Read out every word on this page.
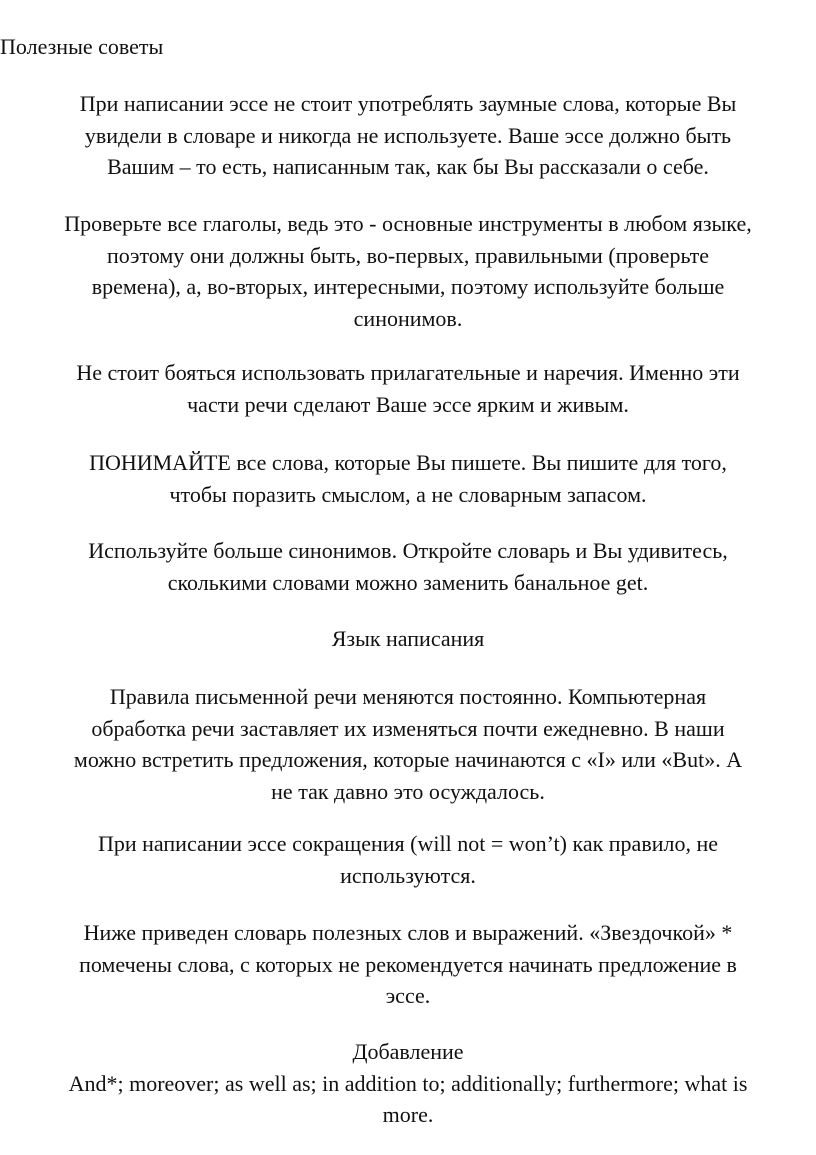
Полезные советы

При написании эссе не стоит употреблять заумные слова, которые Вы
увидели в словаре и никогда не используете. Ваше эссе должно быть
Вашим – то есть, написанным так, как бы Вы рассказали о себе.

Проверьте все глаголы, ведь это - основные инструменты в любом языке,
поэтому они должны быть, во-первых, правильными (проверьте
времена), а, во-вторых, интересными, поэтому используйте больше
синонимов.

Не стоит бояться использовать прилагательные и наречия. Именно эти
части речи сделают Ваше эссе ярким и живым.

ПОНИМАЙТЕ все слова, которые Вы пишете. Вы пишите для того,
чтобы поразить смыслом, а не словарным запасом.

Используйте больше синонимов. Откройте словарь и Вы удивитесь,
сколькими словами можно заменить банальное get.

Язык написания

Правила письменной речи меняются постоянно. Компьютерная
обработка речи заставляет их изменяться почти ежедневно. В наши
можно встретить предложения, которые начинаются с «I» или «But». А
не так давно это осуждалось.

При написании эссе сокращения (will not = won’t) как правило, не
используются.

Ниже приведен словарь полезных слов и выражений. «Звездочкой» *
помечены слова, с которых не рекомендуется начинать предложение в
эссе.

Добавление
And*; moreover; as well as; in addition to; additionally; furthermore; what is
more.
